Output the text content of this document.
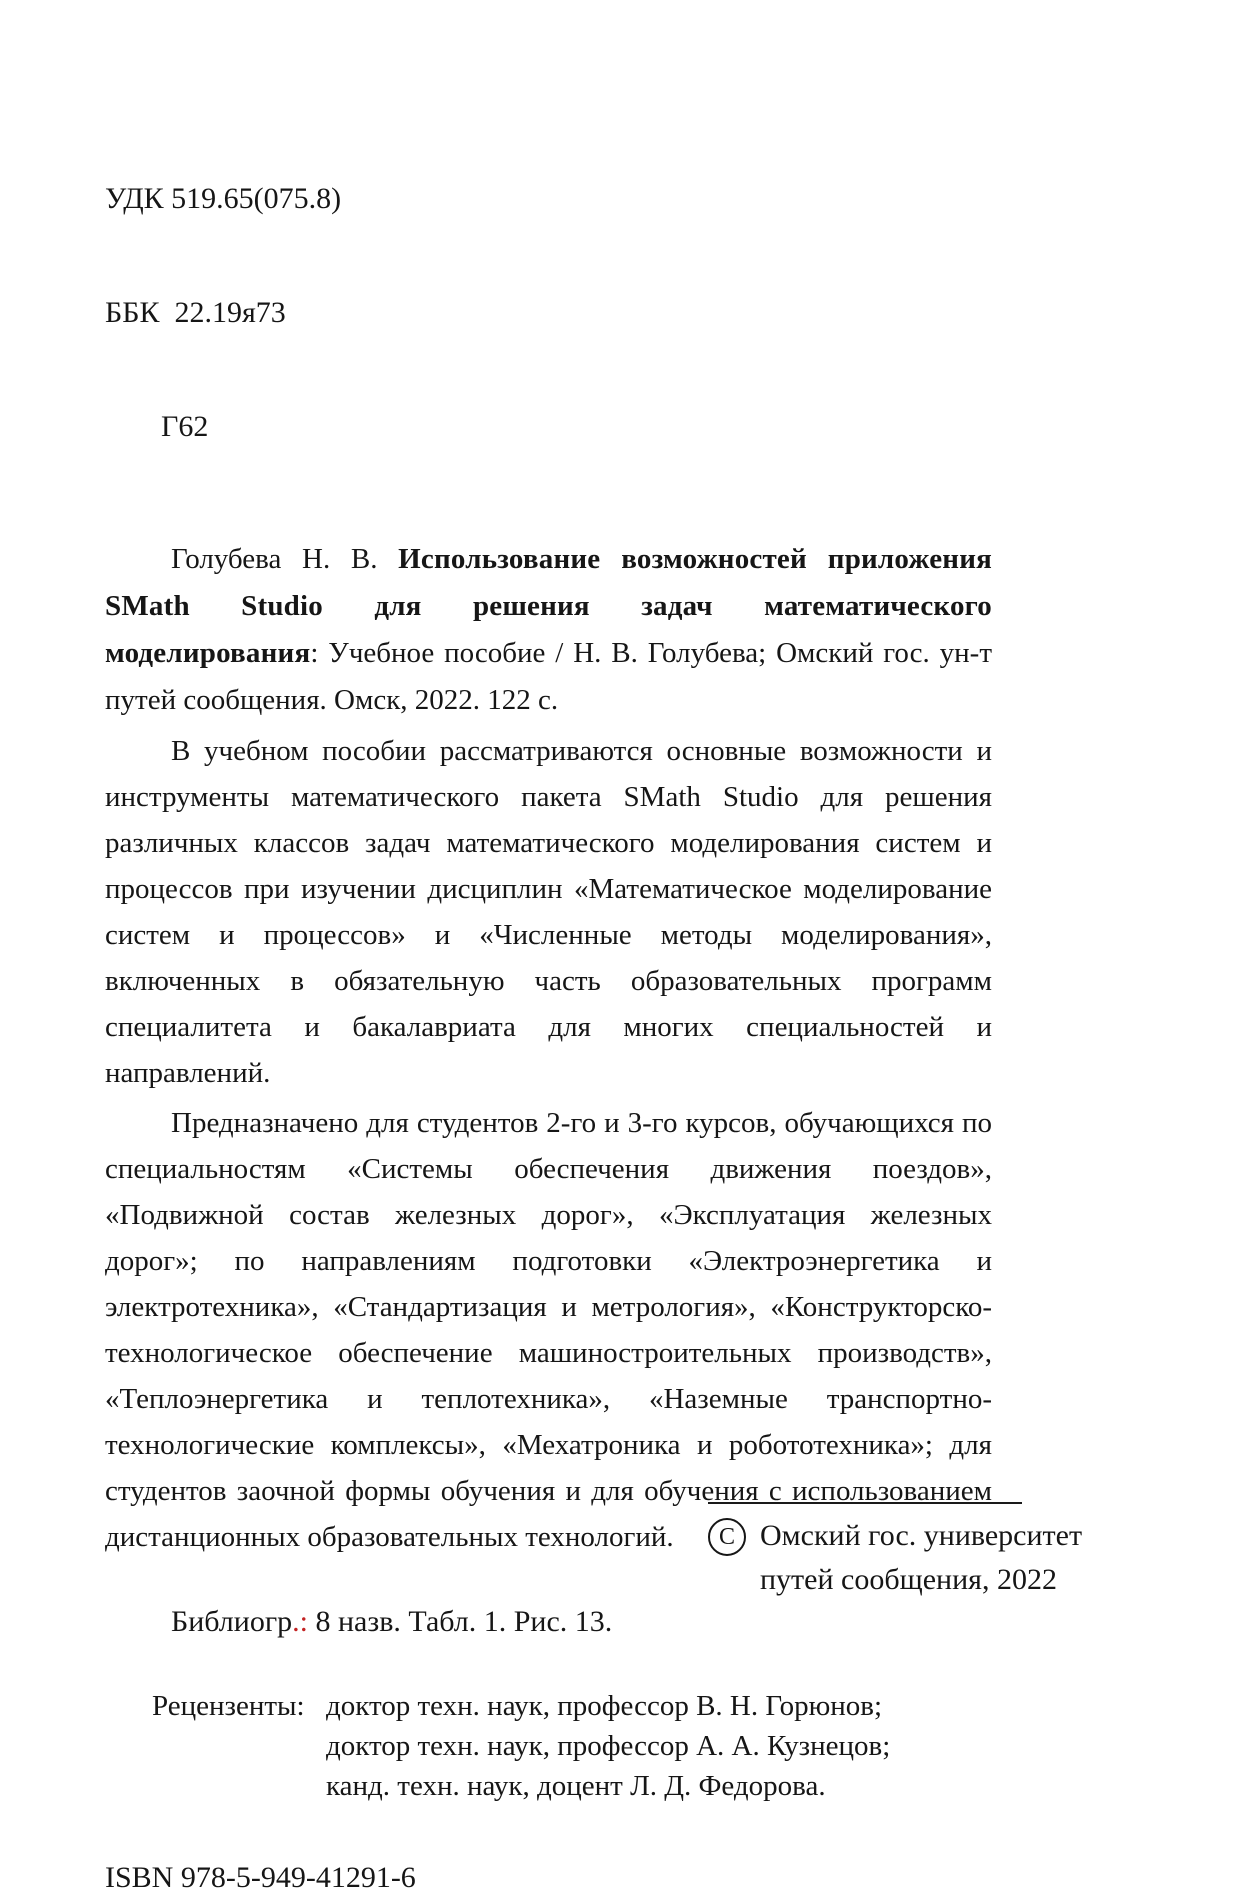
УДК 519.65(075.8)

ББК  22.19я73

Г62

Голубева Н. В. Использование возможностей приложения SMath Studio для решения задач математического моделирования: Учебное пособие / Н. В. Голубева; Омский гос. ун-т путей сообщения. Омск, 2022. 122 с.

В учебном пособии рассматриваются основные возможности и инструменты математического пакета SMath Studio для решения различных классов задач математического моделирования систем и процессов при изучении дисциплин «Математическое моделирование систем и процессов» и «Численные методы моделирования», включенных в обязательную часть образовательных программ специалитета и бакалавриата для многих специальностей и направлений.

Предназначено для студентов 2-го и 3-го курсов, обучающихся по специальностям «Системы обеспечения движения поездов», «Подвижной состав железных дорог», «Эксплуатация железных дорог»; по направлениям подготовки «Электроэнергетика и электротехника», «Стандартизация и метрология», «Конструкторско-технологическое обеспечение машиностроительных производств», «Теплоэнергетика и теплотехника», «Наземные транспортно-технологические комплексы», «Мехатроника и робототехника»; для студентов заочной формы обучения и для обучения с использованием дистанционных образовательных технологий.

Библиогр.: 8 назв. Табл. 1. Рис. 13.

Рецензенты: доктор техн. наук, профессор В. Н. Горюнов;
доктор техн. наук, профессор А. А. Кузнецов;
канд. техн. наук, доцент Л. Д. Федорова.
ISBN 978-5-949-41291-6
С Омский гос. университет
путей сообщения, 2022
